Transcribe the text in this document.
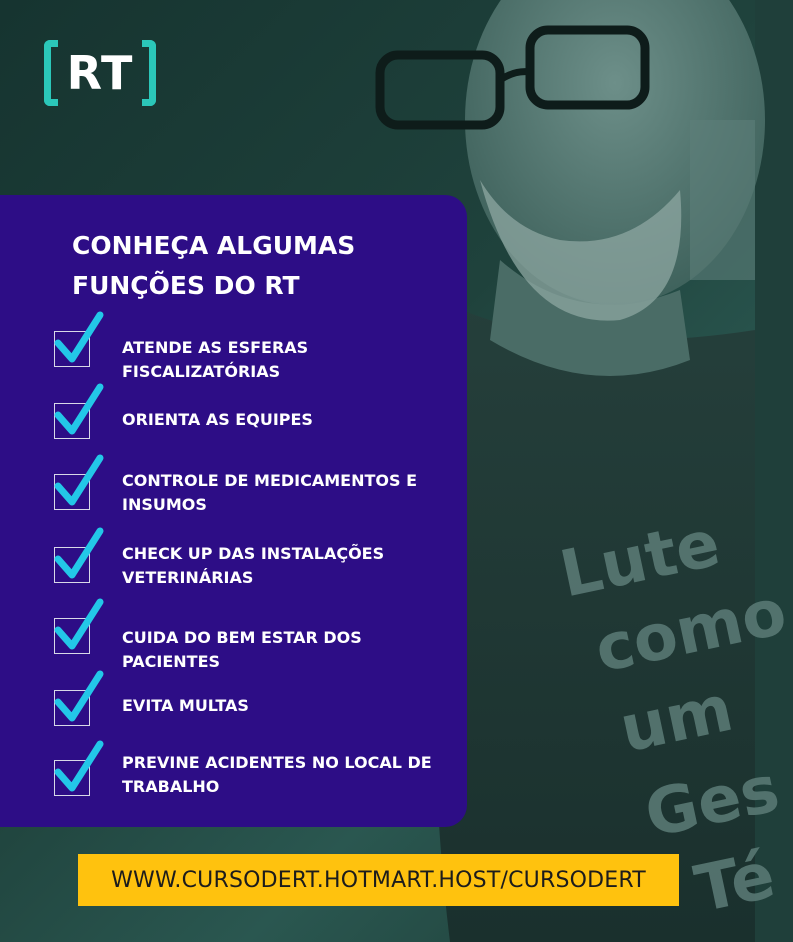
Lute
como
um
Ges
Té
RT
CONHEÇA ALGUMAS FUNÇÕES DO RT
ATENDE AS ESFERAS FISCALIZATÓRIAS
ORIENTA AS EQUIPES
CONTROLE DE MEDICAMENTOS E INSUMOS
CHECK UP DAS INSTALAÇÕES VETERINÁRIAS
CUIDA DO BEM ESTAR DOS PACIENTES
EVITA MULTAS
PREVINE ACIDENTES NO LOCAL DE TRABALHO
WWW.CURSODERT.HOTMART.HOST/CURSODERT
